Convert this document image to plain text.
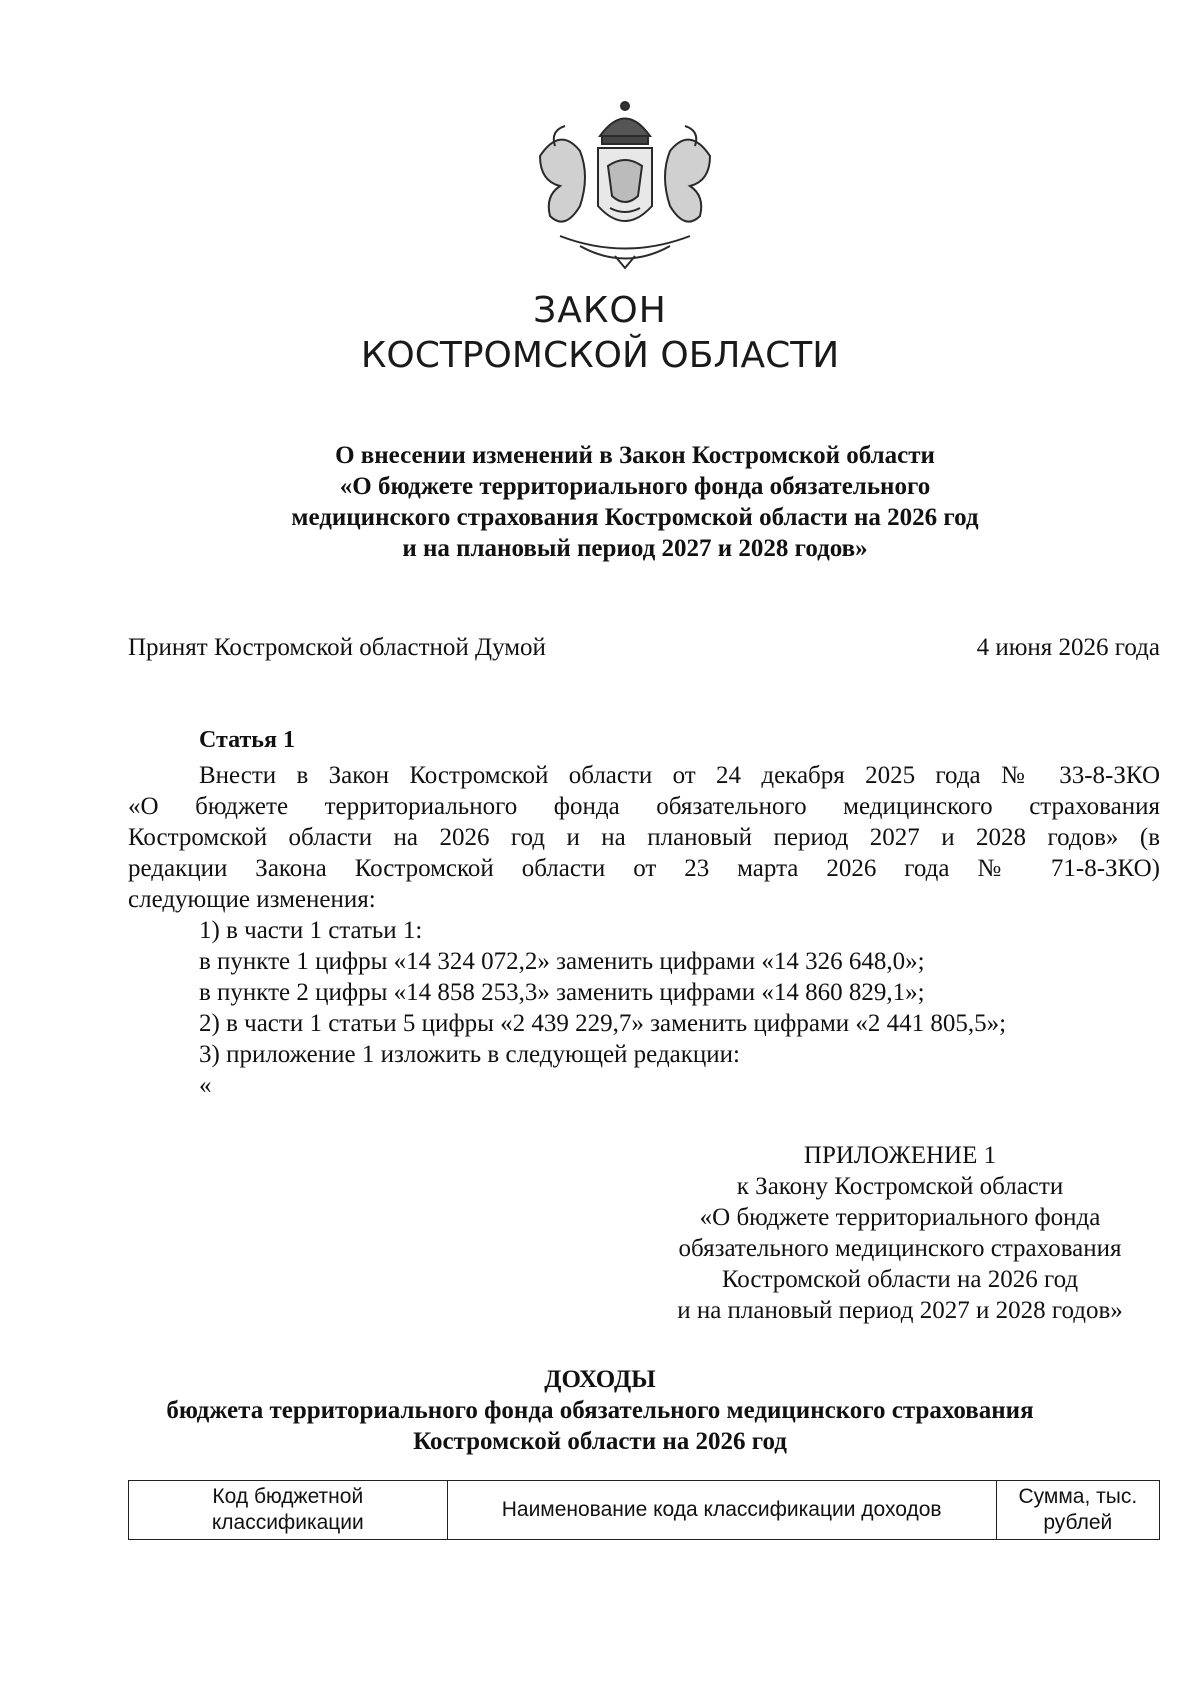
ЗАКОН
КОСТРОМСКОЙ ОБЛАСТИ
О внесении изменений в Закон Костромской области
«О бюджете территориального фонда обязательного
медицинского страхования Костромской области на 2026 год
и на плановый период 2027 и 2028 годов»
Принят Костромской областной Думой	4 июня 2026 года
Статья 1
Внести в Закон Костромской области от 24 декабря 2025 года № 33-8-ЗКО
«О бюджете территориального фонда обязательного медицинского страхования
Костромской области на 2026 год и на плановый период 2027 и 2028 годов» (в
редакции Закона Костромской области от 23 марта 2026 года № 71-8-ЗКО)
следующие изменения:
1) в части 1 статьи 1:
в пункте 1 цифры «14 324 072,2» заменить цифрами «14 326 648,0»;
в пункте 2 цифры «14 858 253,3» заменить цифрами «14 860 829,1»;
2) в части 1 статьи 5 цифры «2 439 229,7» заменить цифрами «2 441 805,5»;
3) приложение 1 изложить в следующей редакции:
«
ПРИЛОЖЕНИЕ 1
к Закону Костромской области
«О бюджете территориального фонда
обязательного медицинского страхования
Костромской области на 2026 год
и на плановый период 2027 и 2028 годов»
ДОХОДЫ
бюджета территориального фонда обязательного медицинского страхования
Костромской области на 2026 год
Код бюджетной классификации	Наименование кода классификации доходов	Сумма, тыс. рублей
